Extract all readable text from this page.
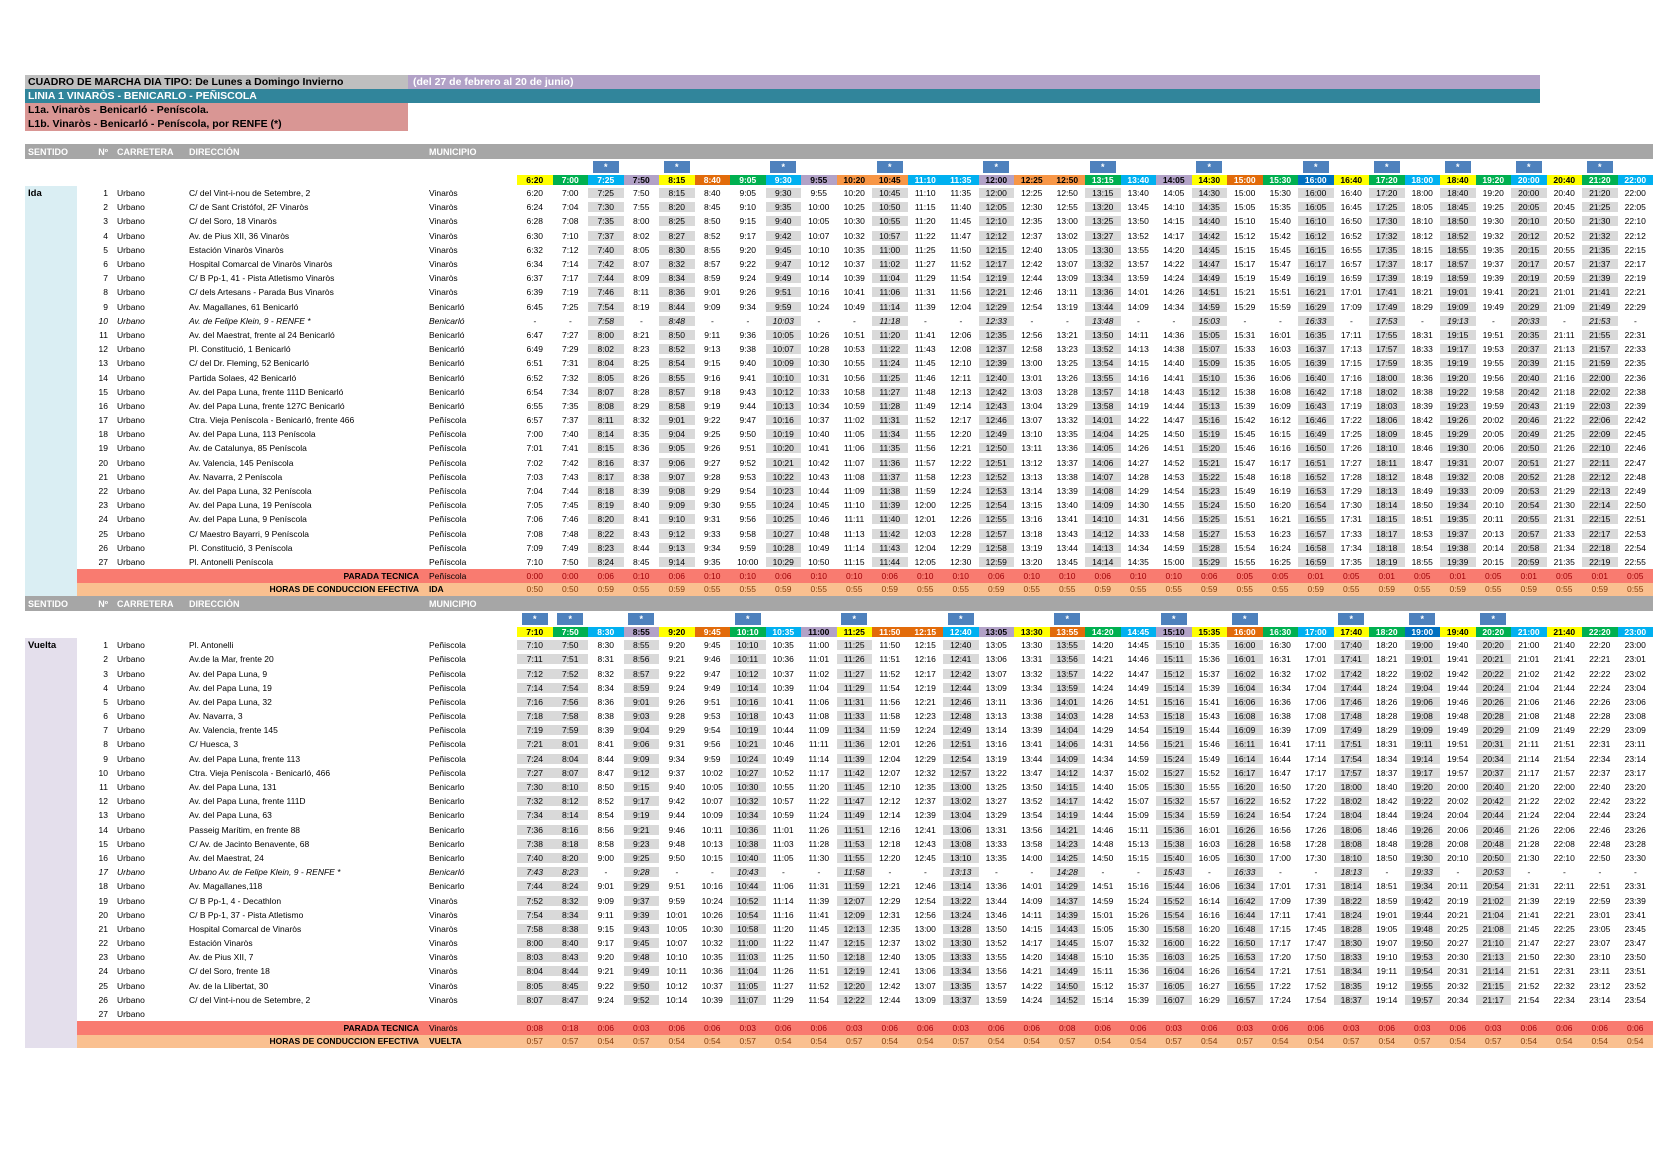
CUADRO DE MARCHA DIA TIPO: De Lunes a Domingo Invierno	(del 27 de febrero al 20 de junio)
LINIA 1 VINARÒS - BENICARLO - PEÑISCOLA
L1a. Vinaròs - Benicarló - Peníscola.
L1b. Vinaròs - Benicarló - Peníscola, por RENFE (*)
SENTIDO	Nº	CARRETERA	DIRECCIÓN	MUNICIPIO
*	*	*	*	*	*	*	*	*	*	*	*
6:20	7:00	7:25	7:50	8:15	8:40	9:05	9:30	9:55	10:20	10:45	11:10	11:35	12:00	12:25	12:50	13:15	13:40	14:05	14:30	15:00	15:30	16:00	16:40	17:20	18:00	18:40	19:20	20:00	20:40	21:20	22:00
Ida	1	Urbano	C/ del Vint-i-nou de Setembre, 2	Vinaròs	6:20	7:00	7:25	7:50	8:15	8:40	9:05	9:30	9:55	10:20	10:45	11:10	11:35	12:00	12:25	12:50	13:15	13:40	14:05	14:30	15:00	15:30	16:00	16:40	17:20	18:00	18:40	19:20	20:00	20:40	21:20	22:00
2	Urbano	C/ de Sant Cristófol, 2F Vinaròs	Vinaròs	6:24	7:04	7:30	7:55	8:20	8:45	9:10	9:35	10:00	10:25	10:50	11:15	11:40	12:05	12:30	12:55	13:20	13:45	14:10	14:35	15:05	15:35	16:05	16:45	17:25	18:05	18:45	19:25	20:05	20:45	21:25	22:05
3	Urbano	C/ del Soro, 18 Vinaròs	Vinaròs	6:28	7:08	7:35	8:00	8:25	8:50	9:15	9:40	10:05	10:30	10:55	11:20	11:45	12:10	12:35	13:00	13:25	13:50	14:15	14:40	15:10	15:40	16:10	16:50	17:30	18:10	18:50	19:30	20:10	20:50	21:30	22:10
4	Urbano	Av. de Pius XII, 36 Vinaròs	Vinaròs	6:30	7:10	7:37	8:02	8:27	8:52	9:17	9:42	10:07	10:32	10:57	11:22	11:47	12:12	12:37	13:02	13:27	13:52	14:17	14:42	15:12	15:42	16:12	16:52	17:32	18:12	18:52	19:32	20:12	20:52	21:32	22:12
5	Urbano	Estación Vinaròs Vinaròs	Vinaròs	6:32	7:12	7:40	8:05	8:30	8:55	9:20	9:45	10:10	10:35	11:00	11:25	11:50	12:15	12:40	13:05	13:30	13:55	14:20	14:45	15:15	15:45	16:15	16:55	17:35	18:15	18:55	19:35	20:15	20:55	21:35	22:15
6	Urbano	Hospital Comarcal de Vinaròs Vinaròs	Vinaròs	6:34	7:14	7:42	8:07	8:32	8:57	9:22	9:47	10:12	10:37	11:02	11:27	11:52	12:17	12:42	13:07	13:32	13:57	14:22	14:47	15:17	15:47	16:17	16:57	17:37	18:17	18:57	19:37	20:17	20:57	21:37	22:17
7	Urbano	C/ B Pp-1, 41 - Pista Atletismo Vinaròs	Vinaròs	6:37	7:17	7:44	8:09	8:34	8:59	9:24	9:49	10:14	10:39	11:04	11:29	11:54	12:19	12:44	13:09	13:34	13:59	14:24	14:49	15:19	15:49	16:19	16:59	17:39	18:19	18:59	19:39	20:19	20:59	21:39	22:19
8	Urbano	C/ dels Artesans - Parada Bus Vinaròs	Vinaròs	6:39	7:19	7:46	8:11	8:36	9:01	9:26	9:51	10:16	10:41	11:06	11:31	11:56	12:21	12:46	13:11	13:36	14:01	14:26	14:51	15:21	15:51	16:21	17:01	17:41	18:21	19:01	19:41	20:21	21:01	21:41	22:21
9	Urbano	Av. Magallanes, 61 Benicarló	Benicarló	6:45	7:25	7:54	8:19	8:44	9:09	9:34	9:59	10:24	10:49	11:14	11:39	12:04	12:29	12:54	13:19	13:44	14:09	14:34	14:59	15:29	15:59	16:29	17:09	17:49	18:29	19:09	19:49	20:29	21:09	21:49	22:29
10	Urbano	Av. de Felipe Klein, 9 - RENFE *	Benicarló	-	-	7:58	-	8:48	-	-	10:03	-	-	11:18	-	-	12:33	-	-	13:48	-	-	15:03	-	-	16:33	-	17:53	-	19:13	-	20:33	-	21:53	-
11	Urbano	Av. del Maestrat, frente al 24 Benicarló	Benicarló	6:47	7:27	8:00	8:21	8:50	9:11	9:36	10:05	10:26	10:51	11:20	11:41	12:06	12:35	12:56	13:21	13:50	14:11	14:36	15:05	15:31	16:01	16:35	17:11	17:55	18:31	19:15	19:51	20:35	21:11	21:55	22:31
12	Urbano	Pl. Constitució, 1 Benicarló	Benicarló	6:49	7:29	8:02	8:23	8:52	9:13	9:38	10:07	10:28	10:53	11:22	11:43	12:08	12:37	12:58	13:23	13:52	14:13	14:38	15:07	15:33	16:03	16:37	17:13	17:57	18:33	19:17	19:53	20:37	21:13	21:57	22:33
13	Urbano	C/ del Dr. Fleming, 52 Benicarló	Benicarló	6:51	7:31	8:04	8:25	8:54	9:15	9:40	10:09	10:30	10:55	11:24	11:45	12:10	12:39	13:00	13:25	13:54	14:15	14:40	15:09	15:35	16:05	16:39	17:15	17:59	18:35	19:19	19:55	20:39	21:15	21:59	22:35
14	Urbano	Partida Solaes, 42 Benicarló	Benicarló	6:52	7:32	8:05	8:26	8:55	9:16	9:41	10:10	10:31	10:56	11:25	11:46	12:11	12:40	13:01	13:26	13:55	14:16	14:41	15:10	15:36	16:06	16:40	17:16	18:00	18:36	19:20	19:56	20:40	21:16	22:00	22:36
15	Urbano	Av. del Papa Luna, frente 111D Benicarló	Benicarló	6:54	7:34	8:07	8:28	8:57	9:18	9:43	10:12	10:33	10:58	11:27	11:48	12:13	12:42	13:03	13:28	13:57	14:18	14:43	15:12	15:38	16:08	16:42	17:18	18:02	18:38	19:22	19:58	20:42	21:18	22:02	22:38
16	Urbano	Av. del Papa Luna, frente 127C Benicarló	Benicarló	6:55	7:35	8:08	8:29	8:58	9:19	9:44	10:13	10:34	10:59	11:28	11:49	12:14	12:43	13:04	13:29	13:58	14:19	14:44	15:13	15:39	16:09	16:43	17:19	18:03	18:39	19:23	19:59	20:43	21:19	22:03	22:39
17	Urbano	Ctra. Vieja Peníscola - Benicarló, frente 466	Peñíscola	6:57	7:37	8:11	8:32	9:01	9:22	9:47	10:16	10:37	11:02	11:31	11:52	12:17	12:46	13:07	13:32	14:01	14:22	14:47	15:16	15:42	16:12	16:46	17:22	18:06	18:42	19:26	20:02	20:46	21:22	22:06	22:42
18	Urbano	Av. del Papa Luna, 113 Peníscola	Peñíscola	7:00	7:40	8:14	8:35	9:04	9:25	9:50	10:19	10:40	11:05	11:34	11:55	12:20	12:49	13:10	13:35	14:04	14:25	14:50	15:19	15:45	16:15	16:49	17:25	18:09	18:45	19:29	20:05	20:49	21:25	22:09	22:45
19	Urbano	Av. de Catalunya, 85 Peníscola	Peñíscola	7:01	7:41	8:15	8:36	9:05	9:26	9:51	10:20	10:41	11:06	11:35	11:56	12:21	12:50	13:11	13:36	14:05	14:26	14:51	15:20	15:46	16:16	16:50	17:26	18:10	18:46	19:30	20:06	20:50	21:26	22:10	22:46
20	Urbano	Av. Valencia, 145 Peníscola	Peñíscola	7:02	7:42	8:16	8:37	9:06	9:27	9:52	10:21	10:42	11:07	11:36	11:57	12:22	12:51	13:12	13:37	14:06	14:27	14:52	15:21	15:47	16:17	16:51	17:27	18:11	18:47	19:31	20:07	20:51	21:27	22:11	22:47
21	Urbano	Av. Navarra, 2 Peníscola	Peñíscola	7:03	7:43	8:17	8:38	9:07	9:28	9:53	10:22	10:43	11:08	11:37	11:58	12:23	12:52	13:13	13:38	14:07	14:28	14:53	15:22	15:48	16:18	16:52	17:28	18:12	18:48	19:32	20:08	20:52	21:28	22:12	22:48
22	Urbano	Av. del Papa Luna, 32 Peníscola	Peñíscola	7:04	7:44	8:18	8:39	9:08	9:29	9:54	10:23	10:44	11:09	11:38	11:59	12:24	12:53	13:14	13:39	14:08	14:29	14:54	15:23	15:49	16:19	16:53	17:29	18:13	18:49	19:33	20:09	20:53	21:29	22:13	22:49
23	Urbano	Av. del Papa Luna, 19 Peníscola	Peñíscola	7:05	7:45	8:19	8:40	9:09	9:30	9:55	10:24	10:45	11:10	11:39	12:00	12:25	12:54	13:15	13:40	14:09	14:30	14:55	15:24	15:50	16:20	16:54	17:30	18:14	18:50	19:34	20:10	20:54	21:30	22:14	22:50
24	Urbano	Av. del Papa Luna, 9 Peníscola	Peñíscola	7:06	7:46	8:20	8:41	9:10	9:31	9:56	10:25	10:46	11:11	11:40	12:01	12:26	12:55	13:16	13:41	14:10	14:31	14:56	15:25	15:51	16:21	16:55	17:31	18:15	18:51	19:35	20:11	20:55	21:31	22:15	22:51
25	Urbano	C/ Maestro Bayarri, 9 Peníscola	Peñíscola	7:08	7:48	8:22	8:43	9:12	9:33	9:58	10:27	10:48	11:13	11:42	12:03	12:28	12:57	13:18	13:43	14:12	14:33	14:58	15:27	15:53	16:23	16:57	17:33	18:17	18:53	19:37	20:13	20:57	21:33	22:17	22:53
26	Urbano	Pl. Constitució, 3 Peníscola	Peñíscola	7:09	7:49	8:23	8:44	9:13	9:34	9:59	10:28	10:49	11:14	11:43	12:04	12:29	12:58	13:19	13:44	14:13	14:34	14:59	15:28	15:54	16:24	16:58	17:34	18:18	18:54	19:38	20:14	20:58	21:34	22:18	22:54
27	Urbano	Pl. Antonelli Peníscola	Peñíscola	7:10	7:50	8:24	8:45	9:14	9:35	10:00	10:29	10:50	11:15	11:44	12:05	12:30	12:59	13:20	13:45	14:14	14:35	15:00	15:29	15:55	16:25	16:59	17:35	18:19	18:55	19:39	20:15	20:59	21:35	22:19	22:55
PARADA TECNICA	Peñíscola	0:00	0:00	0:06	0:10	0:06	0:10	0:10	0:06	0:10	0:10	0:06	0:10	0:10	0:06	0:10	0:10	0:06	0:10	0:10	0:06	0:05	0:05	0:01	0:05	0:01	0:05	0:01	0:05	0:01	0:05	0:01	0:05
HORAS DE CONDUCCION EFECTIVA	IDA	0:50	0:50	0:59	0:55	0:59	0:55	0:55	0:59	0:55	0:55	0:59	0:55	0:55	0:59	0:55	0:55	0:59	0:55	0:55	0:59	0:55	0:55	0:59	0:55	0:59	0:55	0:59	0:55	0:59	0:55	0:59	0:55
SENTIDO	Nº	CARRETERA	DIRECCIÓN	MUNICIPIO
*	*	*	*	*	*	*	*	*	*	*	*
7:10	7:50	8:30	8:55	9:20	9:45	10:10	10:35	11:00	11:25	11:50	12:15	12:40	13:05	13:30	13:55	14:20	14:45	15:10	15:35	16:00	16:30	17:00	17:40	18:20	19:00	19:40	20:20	21:00	21:40	22:20	23:00
Vuelta	1	Urbano	Pl. Antonelli	Peñiscola	7:10	7:50	8:30	8:55	9:20	9:45	10:10	10:35	11:00	11:25	11:50	12:15	12:40	13:05	13:30	13:55	14:20	14:45	15:10	15:35	16:00	16:30	17:00	17:40	18:20	19:00	19:40	20:20	21:00	21:40	22:20	23:00
2	Urbano	Av.de la Mar, frente 20	Peñiscola	7:11	7:51	8:31	8:56	9:21	9:46	10:11	10:36	11:01	11:26	11:51	12:16	12:41	13:06	13:31	13:56	14:21	14:46	15:11	15:36	16:01	16:31	17:01	17:41	18:21	19:01	19:41	20:21	21:01	21:41	22:21	23:01
3	Urbano	Av. del Papa Luna, 9	Peñiscola	7:12	7:52	8:32	8:57	9:22	9:47	10:12	10:37	11:02	11:27	11:52	12:17	12:42	13:07	13:32	13:57	14:22	14:47	15:12	15:37	16:02	16:32	17:02	17:42	18:22	19:02	19:42	20:22	21:02	21:42	22:22	23:02
4	Urbano	Av. del Papa Luna, 19	Peñiscola	7:14	7:54	8:34	8:59	9:24	9:49	10:14	10:39	11:04	11:29	11:54	12:19	12:44	13:09	13:34	13:59	14:24	14:49	15:14	15:39	16:04	16:34	17:04	17:44	18:24	19:04	19:44	20:24	21:04	21:44	22:24	23:04
5	Urbano	Av. del Papa Luna, 32	Peñiscola	7:16	7:56	8:36	9:01	9:26	9:51	10:16	10:41	11:06	11:31	11:56	12:21	12:46	13:11	13:36	14:01	14:26	14:51	15:16	15:41	16:06	16:36	17:06	17:46	18:26	19:06	19:46	20:26	21:06	21:46	22:26	23:06
6	Urbano	Av. Navarra, 3	Peñiscola	7:18	7:58	8:38	9:03	9:28	9:53	10:18	10:43	11:08	11:33	11:58	12:23	12:48	13:13	13:38	14:03	14:28	14:53	15:18	15:43	16:08	16:38	17:08	17:48	18:28	19:08	19:48	20:28	21:08	21:48	22:28	23:08
7	Urbano	Av. Valencia, frente 145	Peñiscola	7:19	7:59	8:39	9:04	9:29	9:54	10:19	10:44	11:09	11:34	11:59	12:24	12:49	13:14	13:39	14:04	14:29	14:54	15:19	15:44	16:09	16:39	17:09	17:49	18:29	19:09	19:49	20:29	21:09	21:49	22:29	23:09
8	Urbano	C/ Huesca, 3	Peñiscola	7:21	8:01	8:41	9:06	9:31	9:56	10:21	10:46	11:11	11:36	12:01	12:26	12:51	13:16	13:41	14:06	14:31	14:56	15:21	15:46	16:11	16:41	17:11	17:51	18:31	19:11	19:51	20:31	21:11	21:51	22:31	23:11
9	Urbano	Av. del Papa Luna, frente 113	Peñiscola	7:24	8:04	8:44	9:09	9:34	9:59	10:24	10:49	11:14	11:39	12:04	12:29	12:54	13:19	13:44	14:09	14:34	14:59	15:24	15:49	16:14	16:44	17:14	17:54	18:34	19:14	19:54	20:34	21:14	21:54	22:34	23:14
10	Urbano	Ctra. Vieja Peníscola - Benicarló, 466	Peñiscola	7:27	8:07	8:47	9:12	9:37	10:02	10:27	10:52	11:17	11:42	12:07	12:32	12:57	13:22	13:47	14:12	14:37	15:02	15:27	15:52	16:17	16:47	17:17	17:57	18:37	19:17	19:57	20:37	21:17	21:57	22:37	23:17
11	Urbano	Av. del Papa Luna, 131	Benicarlo	7:30	8:10	8:50	9:15	9:40	10:05	10:30	10:55	11:20	11:45	12:10	12:35	13:00	13:25	13:50	14:15	14:40	15:05	15:30	15:55	16:20	16:50	17:20	18:00	18:40	19:20	20:00	20:40	21:20	22:00	22:40	23:20
12	Urbano	Av. del Papa Luna, frente 111D	Benicarlo	7:32	8:12	8:52	9:17	9:42	10:07	10:32	10:57	11:22	11:47	12:12	12:37	13:02	13:27	13:52	14:17	14:42	15:07	15:32	15:57	16:22	16:52	17:22	18:02	18:42	19:22	20:02	20:42	21:22	22:02	22:42	23:22
13	Urbano	Av. del Papa Luna, 63	Benicarlo	7:34	8:14	8:54	9:19	9:44	10:09	10:34	10:59	11:24	11:49	12:14	12:39	13:04	13:29	13:54	14:19	14:44	15:09	15:34	15:59	16:24	16:54	17:24	18:04	18:44	19:24	20:04	20:44	21:24	22:04	22:44	23:24
14	Urbano	Passeig Marítim, en frente 88	Benicarlo	7:36	8:16	8:56	9:21	9:46	10:11	10:36	11:01	11:26	11:51	12:16	12:41	13:06	13:31	13:56	14:21	14:46	15:11	15:36	16:01	16:26	16:56	17:26	18:06	18:46	19:26	20:06	20:46	21:26	22:06	22:46	23:26
15	Urbano	C/ Av. de Jacinto Benavente, 68	Benicarlo	7:38	8:18	8:58	9:23	9:48	10:13	10:38	11:03	11:28	11:53	12:18	12:43	13:08	13:33	13:58	14:23	14:48	15:13	15:38	16:03	16:28	16:58	17:28	18:08	18:48	19:28	20:08	20:48	21:28	22:08	22:48	23:28
16	Urbano	Av. del Maestrat, 24	Benicarlo	7:40	8:20	9:00	9:25	9:50	10:15	10:40	11:05	11:30	11:55	12:20	12:45	13:10	13:35	14:00	14:25	14:50	15:15	15:40	16:05	16:30	17:00	17:30	18:10	18:50	19:30	20:10	20:50	21:30	22:10	22:50	23:30
17	Urbano	Urbano Av. de Felipe Klein, 9 - RENFE *	Benicarló	7:43	8:23	-	9:28	-	-	10:43	-	-	11:58	-	-	13:13	-	-	14:28	-	-	15:43	-	16:33	-	-	18:13	-	19:33	-	20:53	-	-	-	-
18	Urbano	Av. Magallanes,118	Benicarlo	7:44	8:24	9:01	9:29	9:51	10:16	10:44	11:06	11:31	11:59	12:21	12:46	13:14	13:36	14:01	14:29	14:51	15:16	15:44	16:06	16:34	17:01	17:31	18:14	18:51	19:34	20:11	20:54	21:31	22:11	22:51	23:31
19	Urbano	C/ B Pp-1, 4 - Decathlon	Vinaròs	7:52	8:32	9:09	9:37	9:59	10:24	10:52	11:14	11:39	12:07	12:29	12:54	13:22	13:44	14:09	14:37	14:59	15:24	15:52	16:14	16:42	17:09	17:39	18:22	18:59	19:42	20:19	21:02	21:39	22:19	22:59	23:39
20	Urbano	C/ B Pp-1, 37 - Pista Atletismo	Vinaròs	7:54	8:34	9:11	9:39	10:01	10:26	10:54	11:16	11:41	12:09	12:31	12:56	13:24	13:46	14:11	14:39	15:01	15:26	15:54	16:16	16:44	17:11	17:41	18:24	19:01	19:44	20:21	21:04	21:41	22:21	23:01	23:41
21	Urbano	Hospital Comarcal de Vinaròs	Vinaròs	7:58	8:38	9:15	9:43	10:05	10:30	10:58	11:20	11:45	12:13	12:35	13:00	13:28	13:50	14:15	14:43	15:05	15:30	15:58	16:20	16:48	17:15	17:45	18:28	19:05	19:48	20:25	21:08	21:45	22:25	23:05	23:45
22	Urbano	Estación Vinaròs	Vinaròs	8:00	8:40	9:17	9:45	10:07	10:32	11:00	11:22	11:47	12:15	12:37	13:02	13:30	13:52	14:17	14:45	15:07	15:32	16:00	16:22	16:50	17:17	17:47	18:30	19:07	19:50	20:27	21:10	21:47	22:27	23:07	23:47
23	Urbano	Av. de Pius XII, 7	Vinaròs	8:03	8:43	9:20	9:48	10:10	10:35	11:03	11:25	11:50	12:18	12:40	13:05	13:33	13:55	14:20	14:48	15:10	15:35	16:03	16:25	16:53	17:20	17:50	18:33	19:10	19:53	20:30	21:13	21:50	22:30	23:10	23:50
24	Urbano	C/ del Soro, frente 18	Vinaròs	8:04	8:44	9:21	9:49	10:11	10:36	11:04	11:26	11:51	12:19	12:41	13:06	13:34	13:56	14:21	14:49	15:11	15:36	16:04	16:26	16:54	17:21	17:51	18:34	19:11	19:54	20:31	21:14	21:51	22:31	23:11	23:51
25	Urbano	Av. de la Llibertat, 30	Vinaròs	8:05	8:45	9:22	9:50	10:12	10:37	11:05	11:27	11:52	12:20	12:42	13:07	13:35	13:57	14:22	14:50	15:12	15:37	16:05	16:27	16:55	17:22	17:52	18:35	19:12	19:55	20:32	21:15	21:52	22:32	23:12	23:52
26	Urbano	C/ del Vint-i-nou de Setembre, 2	Vinaròs	8:07	8:47	9:24	9:52	10:14	10:39	11:07	11:29	11:54	12:22	12:44	13:09	13:37	13:59	14:24	14:52	15:14	15:39	16:07	16:29	16:57	17:24	17:54	18:37	19:14	19:57	20:34	21:17	21:54	22:34	23:14	23:54
27	Urbano
PARADA TECNICA	Vinaròs	0:08	0:18	0:06	0:03	0:06	0:06	0:03	0:06	0:06	0:03	0:06	0:06	0:03	0:06	0:06	0:08	0:06	0:06	0:03	0:06	0:03	0:06	0:06	0:03	0:06	0:03	0:06	0:03	0:06	0:06	0:06	0:06
HORAS DE CONDUCCION EFECTIVA	VUELTA	0:57	0:57	0:54	0:57	0:54	0:54	0:57	0:54	0:54	0:57	0:54	0:54	0:57	0:54	0:54	0:57	0:54	0:54	0:57	0:54	0:57	0:54	0:54	0:57	0:54	0:57	0:54	0:57	0:54	0:54	0:54	0:54
